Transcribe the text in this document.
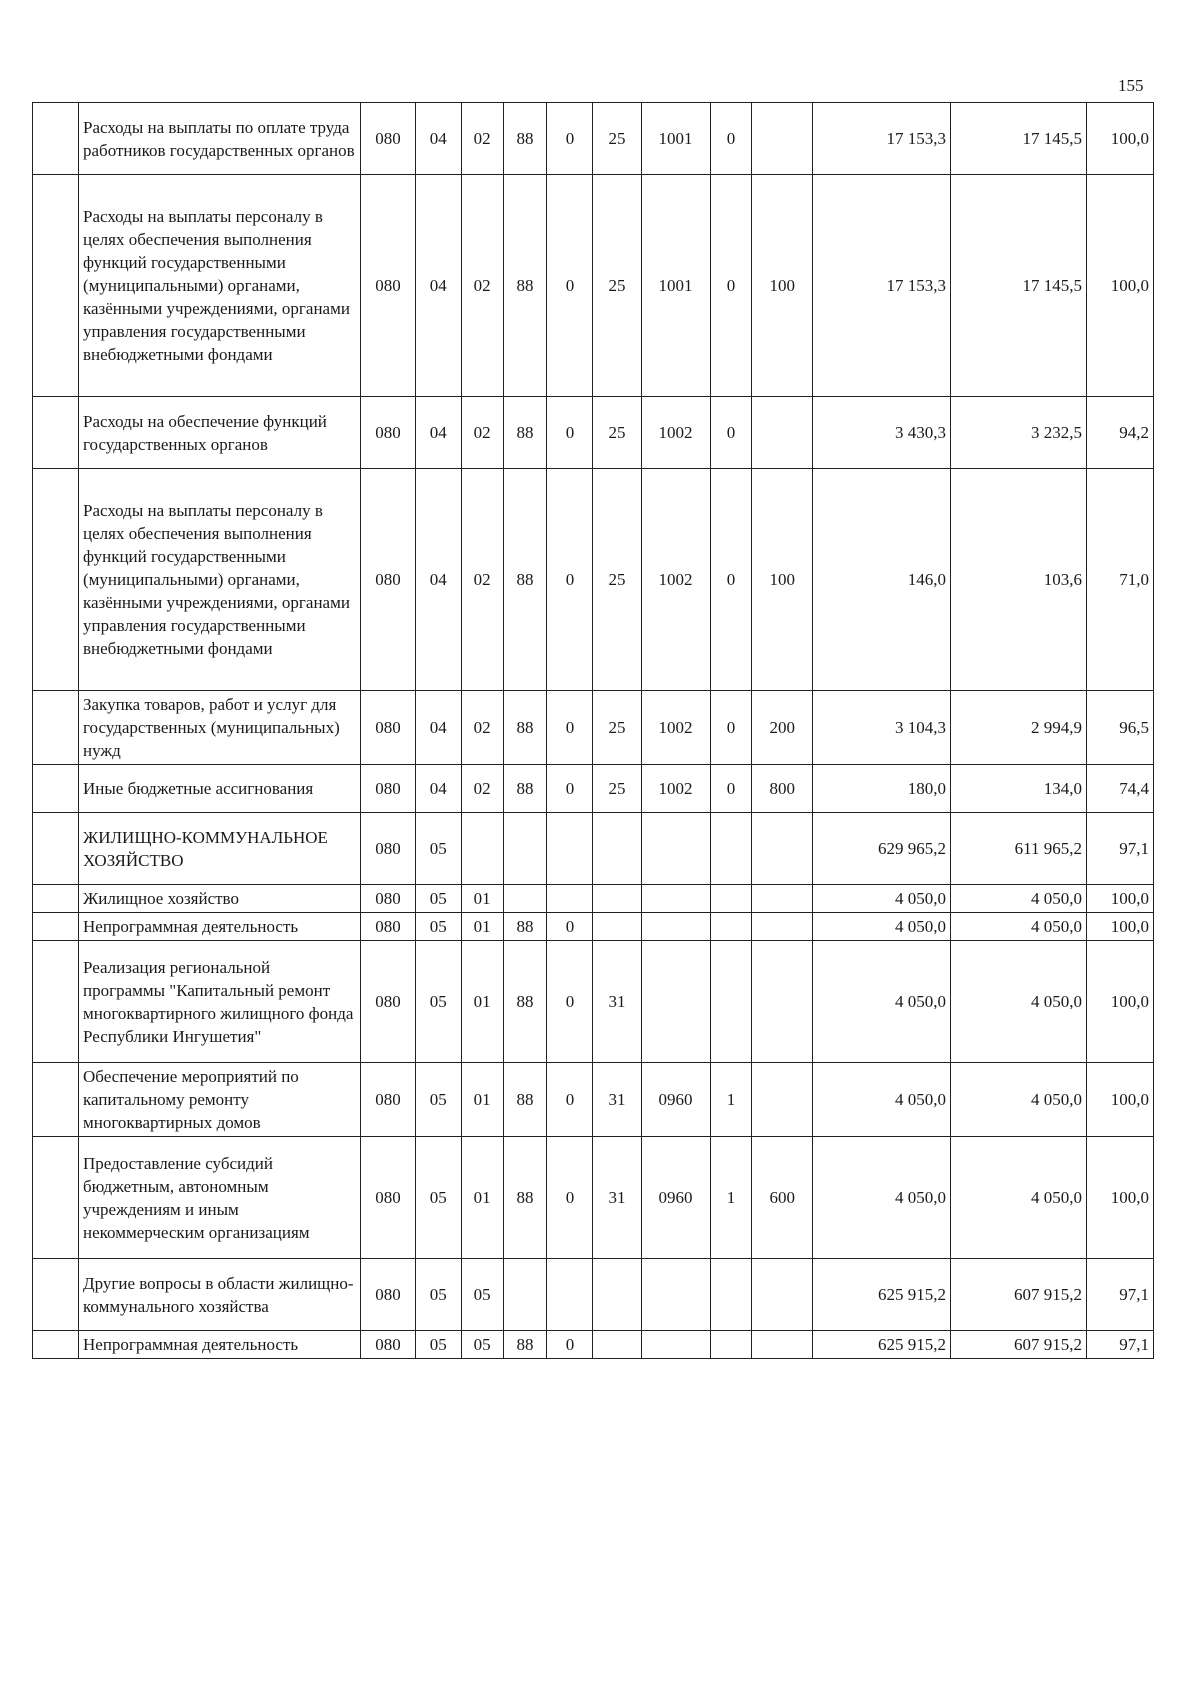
155
	Расходы на выплаты по оплате труда работников государственных органов	080	04	02	88	0	25	1001	0		17 153,3	17 145,5	100,0
	Расходы на выплаты персоналу в целях обеспечения выполнения функций государственными (муниципальными) органами, казёнными учреждениями, органами управления государственными внебюджетными фондами	080	04	02	88	0	25	1001	0	100	17 153,3	17 145,5	100,0
	Расходы на обеспечение функций государственных органов	080	04	02	88	0	25	1002	0		3 430,3	3 232,5	94,2
	Расходы на выплаты персоналу в целях обеспечения выполнения функций государственными (муниципальными) органами, казёнными учреждениями, органами управления государственными внебюджетными фондами	080	04	02	88	0	25	1002	0	100	146,0	103,6	71,0
	Закупка товаров, работ и услуг для государственных (муниципальных) нужд	080	04	02	88	0	25	1002	0	200	3 104,3	2 994,9	96,5
	Иные бюджетные ассигнования	080	04	02	88	0	25	1002	0	800	180,0	134,0	74,4
	ЖИЛИЩНО-КОММУНАЛЬНОЕ ХОЗЯЙСТВО	080	05								629 965,2	611 965,2	97,1
	Жилищное хозяйство	080	05	01							4 050,0	4 050,0	100,0
	Непрограммная деятельность	080	05	01	88	0					4 050,0	4 050,0	100,0
	Реализация региональной программы "Капитальный ремонт многоквартирного жилищного фонда Республики Ингушетия"	080	05	01	88	0	31				4 050,0	4 050,0	100,0
	Обеспечение мероприятий по капитальному ремонту многоквартирных домов	080	05	01	88	0	31	0960	1		4 050,0	4 050,0	100,0
	Предоставление субсидий бюджетным, автономным учреждениям и иным некоммерческим организациям	080	05	01	88	0	31	0960	1	600	4 050,0	4 050,0	100,0
	Другие вопросы в области жилищно-коммунального хозяйства	080	05	05							625 915,2	607 915,2	97,1
	Непрограммная деятельность	080	05	05	88	0					625 915,2	607 915,2	97,1
